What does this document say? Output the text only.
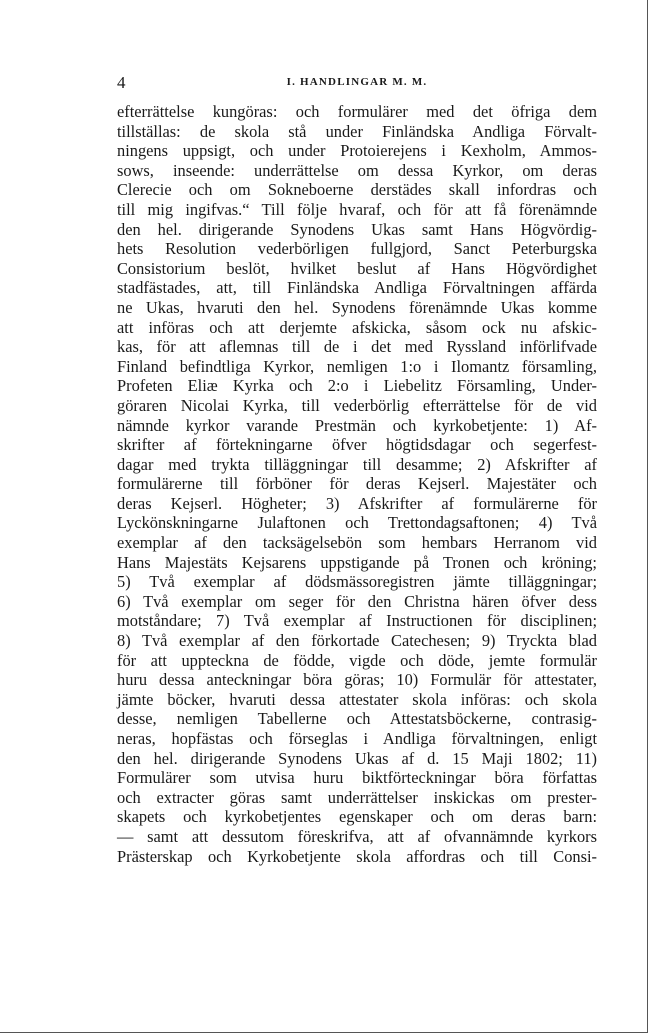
4	I. HANDLINGAR M. M.
efterrättelse kungöras: och formulärer med det öfriga dem
tillställas: de skola stå under Finländska Andliga Förvalt-
ningens uppsigt, och under Protoierejens i Kexholm, Ammos-
sows, inseende: underrättelse om dessa Kyrkor, om deras
Clerecie och om Sokneboerne derstädes skall infordras och
till mig ingifvas.“ Till följe hvaraf, och för att få förenämnde
den hel. dirigerande Synodens Ukas samt Hans Högvördig-
hets Resolution vederbörligen fullgjord, Sanct Peterburgska
Consistorium beslöt, hvilket beslut af Hans Högvördighet
stadfästades, att, till Finländska Andliga Förvaltningen affärda
ne Ukas, hvaruti den hel. Synodens förenämnde Ukas komme
att införas och att derjemte afskicka, såsom ock nu afskic-
kas, för att aflemnas till de i det med Ryssland införlifvade
Finland befindtliga Kyrkor, nemligen 1:o i Ilomantz församling,
Profeten Eliæ Kyrka och 2:o i Liebelitz Församling, Under-
göraren Nicolai Kyrka, till vederbörlig efterrättelse för de vid
nämnde kyrkor varande Prestmän och kyrkobetjente: 1) Af-
skrifter af förtekningarne öfver högtidsdagar och segerfest-
dagar med trykta tilläggningar till desamme; 2) Afskrifter af
formulärerne till förböner för deras Kejserl. Majestäter och
deras Kejserl. Högheter; 3) Afskrifter af formulärerne för
Lyckönskningarne Julaftonen och Trettondagsaftonen; 4) Två
exemplar af den tacksägelsebön som hembars Herranom vid
Hans Majestäts Kejsarens uppstigande på Tronen och kröning;
5) Två exemplar af dödsmässoregistren jämte tilläggningar;
6) Två exemplar om seger för den Christna hären öfver dess
motståndare; 7) Två exemplar af Instructionen för disciplinen;
8) Två exemplar af den förkortade Catechesen; 9) Tryckta blad
för att uppteckna de födde, vigde och döde, jemte formulär
huru dessa anteckningar böra göras; 10) Formulär för attestater,
jämte böcker, hvaruti dessa attestater skola införas: och skola
desse, nemligen Tabellerne och Attestatsböckerne, contrasig-
neras, hopfästas och förseglas i Andliga förvaltningen, enligt
den hel. dirigerande Synodens Ukas af d. 15 Maji 1802; 11)
Formulärer som utvisa huru biktförteckningar böra författas
och extracter göras samt underrättelser inskickas om prester-
skapets och kyrkobetjentes egenskaper och om deras barn:
— samt att dessutom föreskrifva, att af ofvannämnde kyrkors
Prästerskap och Kyrkobetjente skola affordras och till Consi-
